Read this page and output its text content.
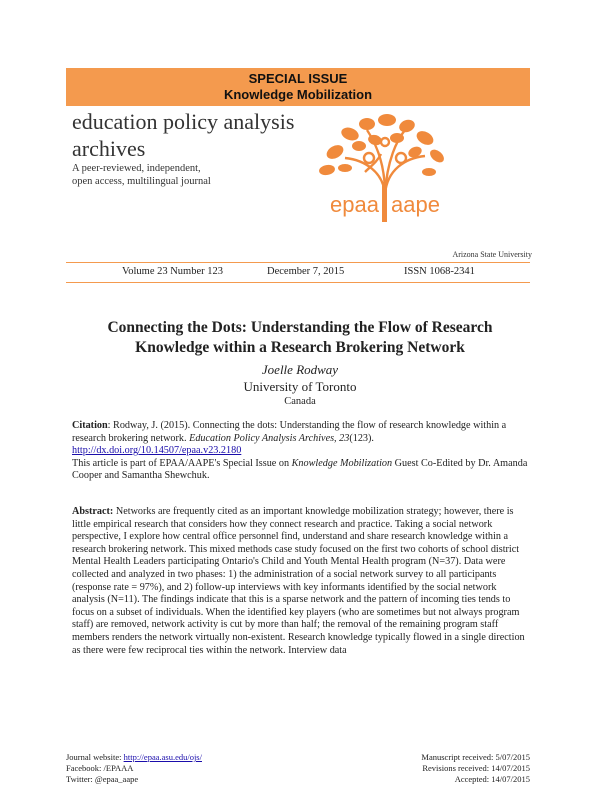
SPECIAL ISSUE
Knowledge Mobilization
education policy analysis
archives
A peer-reviewed, independent,
open access, multilingual journal
epaa aape
Arizona State University
Volume 23 Number 123	December 7, 2015	ISSN 1068-2341
Connecting the Dots: Understanding the Flow of Research
Knowledge within a Research Brokering Network
Joelle Rodway
University of Toronto
Canada
Citation: Rodway, J. (2015). Connecting the dots: Understanding the flow of research knowledge within a research brokering network. Education Policy Analysis Archives, 23(123).
http://dx.doi.org/10.14507/epaa.v23.2180
This article is part of EPAA/AAPE's Special Issue on Knowledge Mobilization Guest Co-Edited by Dr. Amanda Cooper and Samantha Shewchuk.
Abstract: Networks are frequently cited as an important knowledge mobilization strategy; however, there is little empirical research that considers how they connect research and practice. Taking a social network perspective, I explore how central office personnel find, understand and share research knowledge within a research brokering network. This mixed methods case study focused on the first two cohorts of school district Mental Health Leaders participating Ontario's Child and Youth Mental Health program (N=37). Data were collected and analyzed in two phases: 1) the administration of a social network survey to all participants (response rate = 97%), and 2) follow-up interviews with key informants identified by the social network analysis (N=11). The findings indicate that this is a sparse network and the pattern of incoming ties tends to focus on a subset of individuals. When the identified key players (who are sometimes but not always program staff) are removed, network activity is cut by more than half; the removal of the remaining program staff members renders the network virtually non-existent. Research knowledge typically flowed in a single direction as there were few reciprocal ties within the network. Interview data
Journal website: http://epaa.asu.edu/ojs/
Facebook: /EPAAA
Twitter: @epaa_aape
Manuscript received: 5/07/2015
Revisions received: 14/07/2015
Accepted: 14/07/2015
